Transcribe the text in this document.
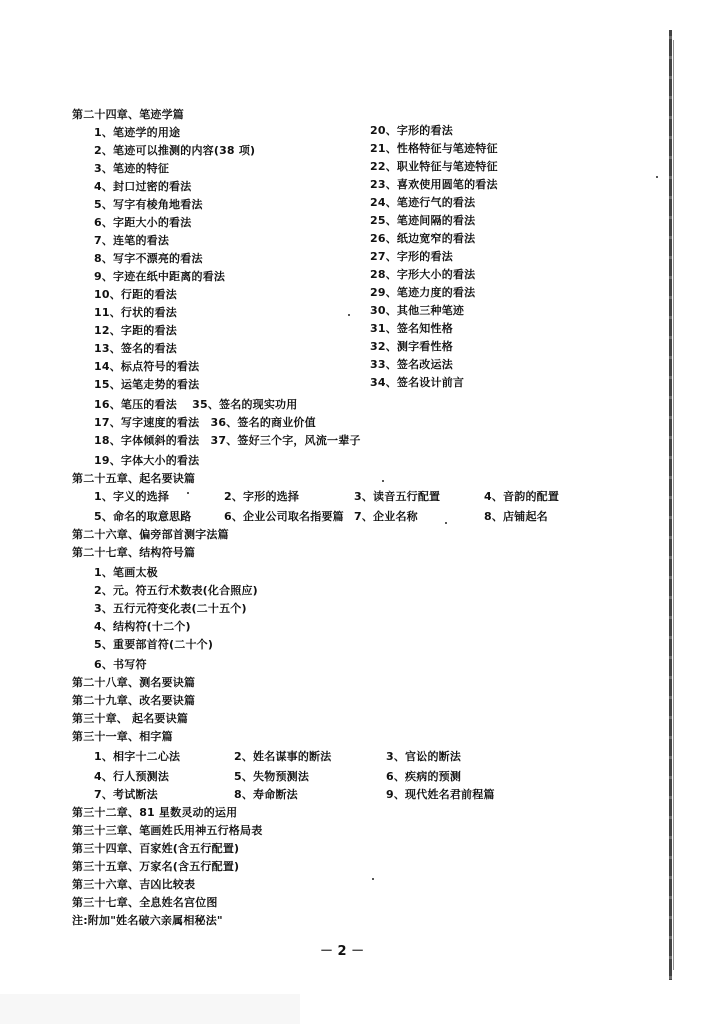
第二十四章、笔迹学篇
1、笔迹学的用途
2、笔迹可以推测的内容(38 项)
3、笔迹的特征
4、封口过密的看法
5、写字有棱角地看法
6、字距大小的看法
7、连笔的看法
8、写字不漂亮的看法
9、字迹在纸中距离的看法
10、行距的看法
11、行状的看法
12、字距的看法
13、签名的看法
14、标点符号的看法
15、运笔走势的看法
16、笔压的看法　 35、签名的现实功用
17、写字速度的看法　36、签名的商业价值
18、字体倾斜的看法　37、签好三个字，风流一辈子
19、字体大小的看法
20、字形的看法
21、性格特征与笔迹特征
22、职业特征与笔迹特征
23、喜欢使用圆笔的看法
24、笔迹行气的看法
25、笔迹间隔的看法
26、纸边宽窄的看法
27、字形的看法
28、字形大小的看法
29、笔迹力度的看法
30、其他三种笔迹
31、签名知性格
32、测字看性格
33、签名改运法
34、签名设计前言
第二十五章、起名要诀篇
1、字义的选择	2、字形的选择	3、读音五行配置	4、音韵的配置
5、命名的取意思路	6、企业公司取名指要篇 7、企业名称	8、店铺起名
第二十六章、偏旁部首测字法篇
第二十七章、结构符号篇
1、笔画太极
2、元。符五行术数表(化合照应)
3、五行元符变化表(二十五个)
4、结构符(十二个)
5、重要部首符(二十个)
6、书写符
第二十八章、测名要诀篇
第二十九章、改名要诀篇
第三十章、 起名要诀篇
第三十一章、相字篇
1、相字十二心法	2、姓名谋事的断法	3、官讼的断法
4、行人预测法	5、失物预测法	6、疾病的预测
7、考试断法	8、寿命断法	9、现代姓名君前程篇
第三十二章、81 星数灵动的运用
第三十三章、笔画姓氏用神五行格局表
第三十四章、百家姓(含五行配置)
第三十五章、万家名(含五行配置)
第三十六章、吉凶比较表
第三十七章、全息姓名宫位图
注:附加"姓名破六亲属相秘法"
－ 2 －
